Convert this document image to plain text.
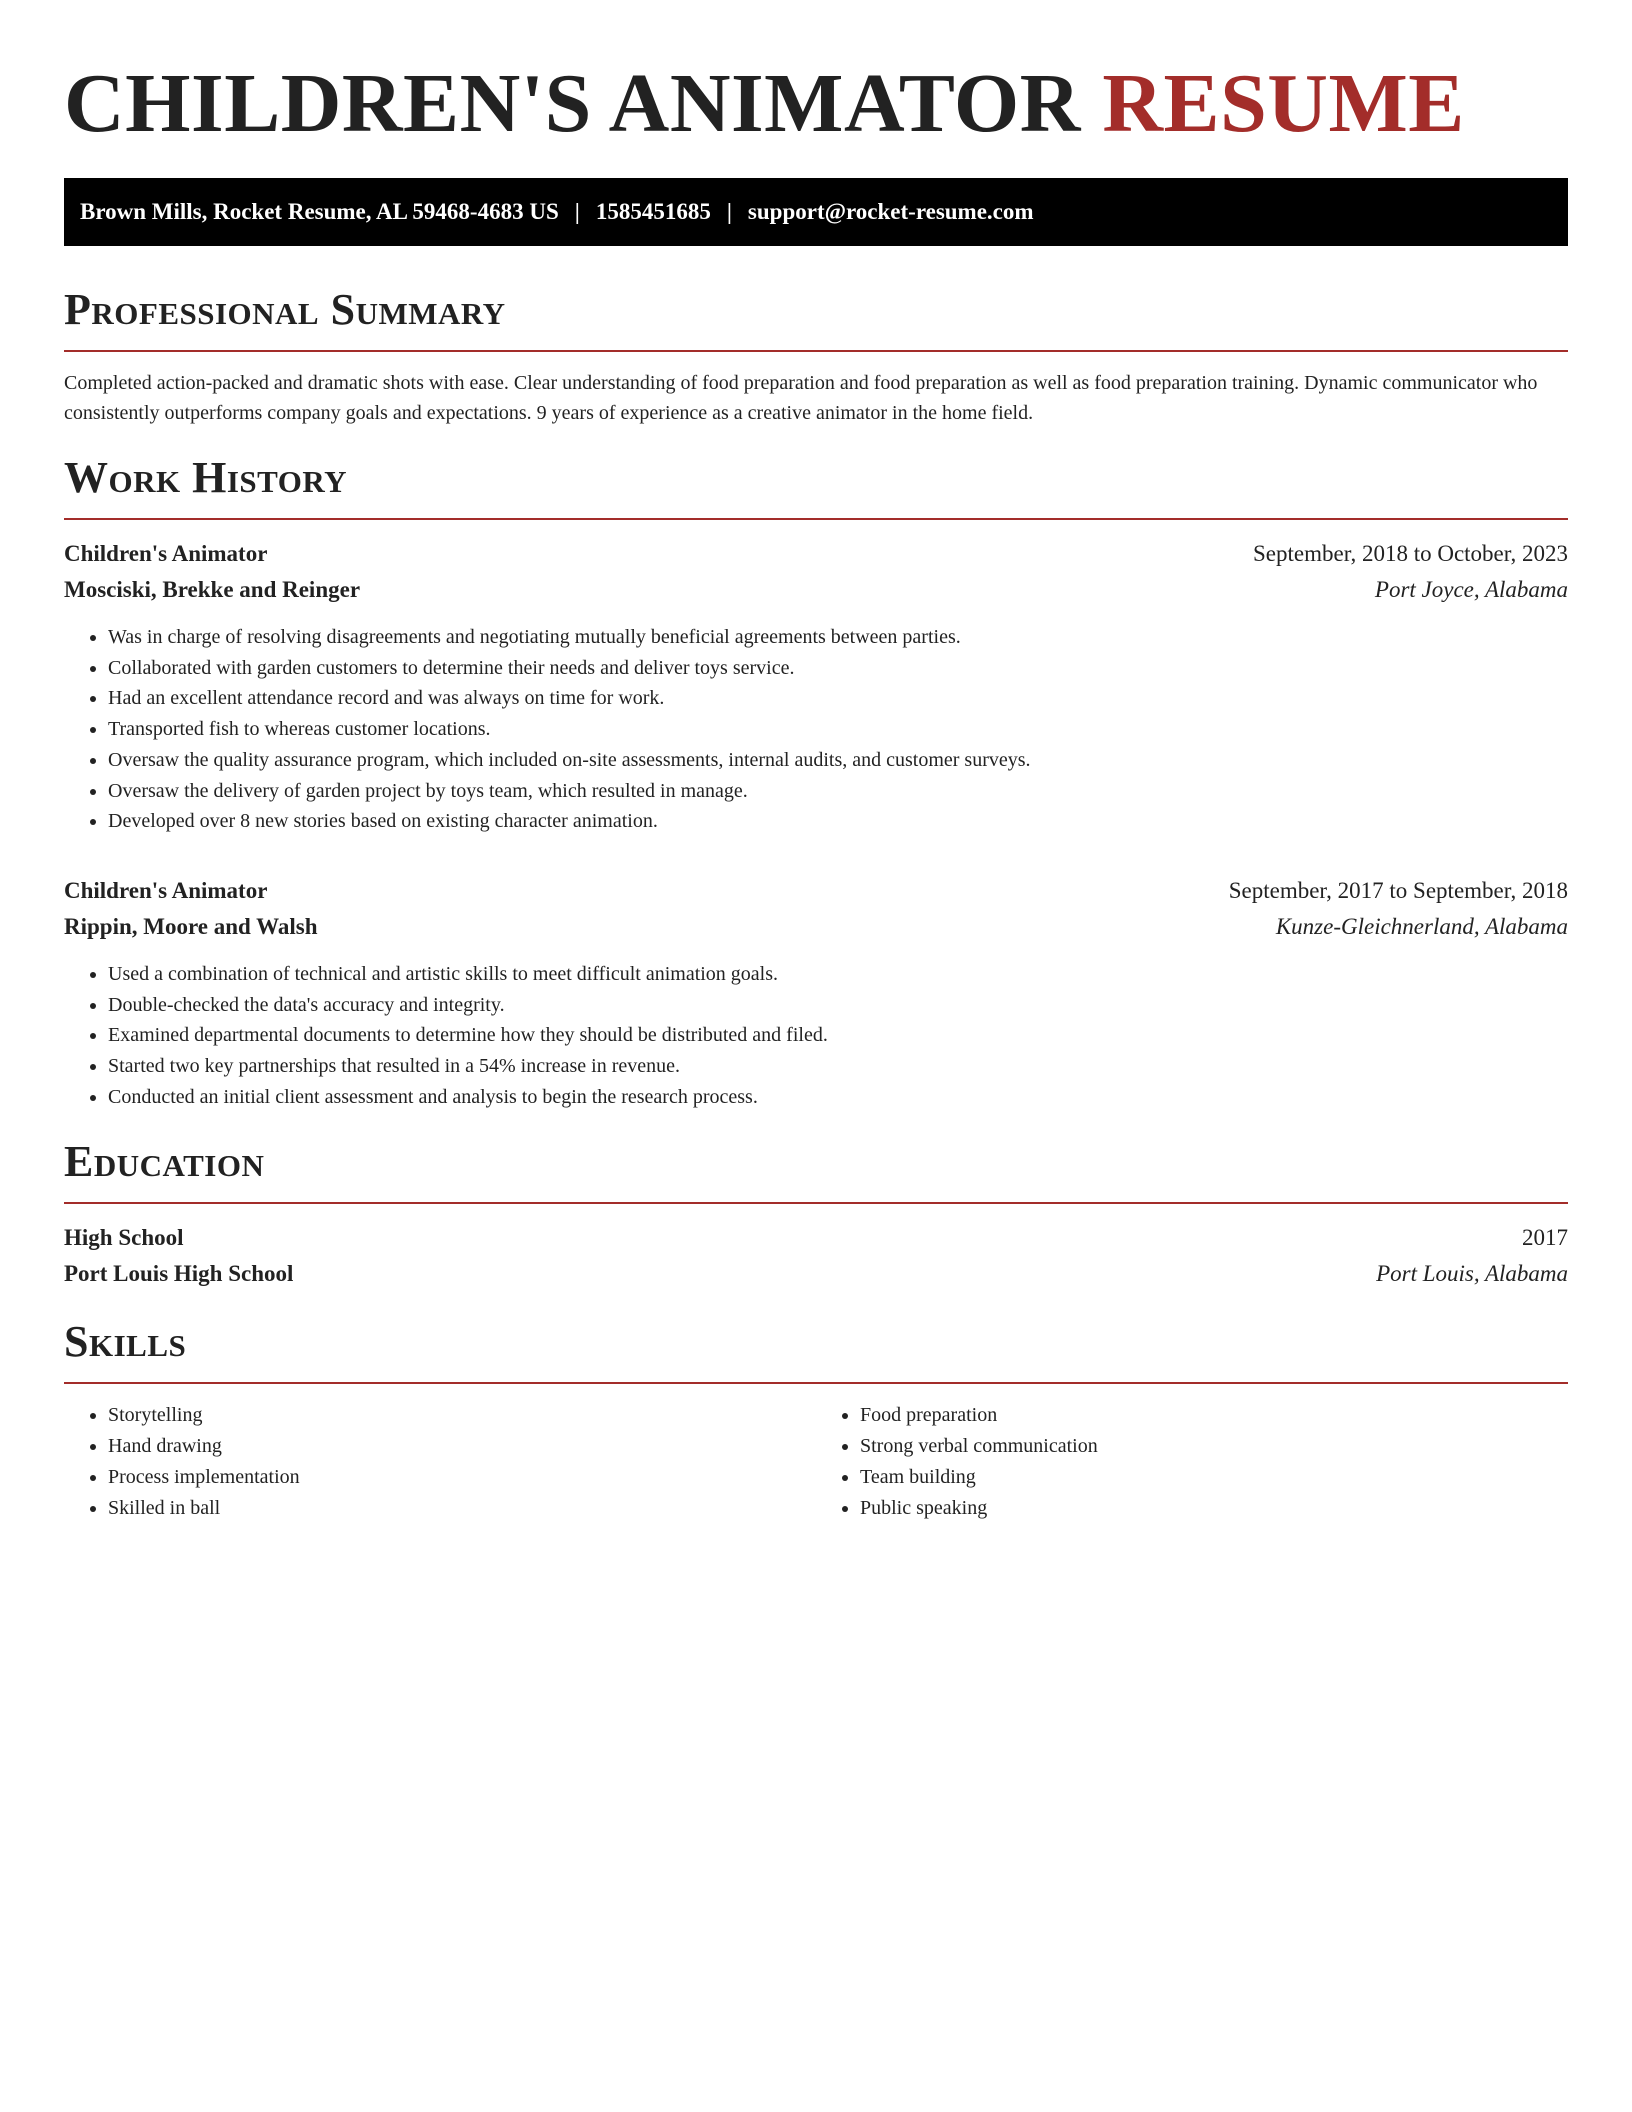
CHILDREN'S ANIMATOR RESUME
Brown Mills, Rocket Resume, AL 59468-4683 US | 1585451685 | support@rocket-resume.com
Professional Summary

Completed action-packed and dramatic shots with ease. Clear understanding of food preparation and food preparation as well as food preparation training. Dynamic communicator who consistently outperforms company goals and expectations. 9 years of experience as a creative animator in the home field.

Work History
Children's Animator	September, 2018 to October, 2023
Mosciski, Brekke and Reinger	Port Joyce, Alabama
• Was in charge of resolving disagreements and negotiating mutually beneficial agreements between parties.
• Collaborated with garden customers to determine their needs and deliver toys service.
• Had an excellent attendance record and was always on time for work.
• Transported fish to whereas customer locations.
• Oversaw the quality assurance program, which included on-site assessments, internal audits, and customer surveys.
• Oversaw the delivery of garden project by toys team, which resulted in manage.
• Developed over 8 new stories based on existing character animation.
Children's Animator	September, 2017 to September, 2018
Rippin, Moore and Walsh	Kunze-Gleichnerland, Alabama
• Used a combination of technical and artistic skills to meet difficult animation goals.
• Double-checked the data's accuracy and integrity.
• Examined departmental documents to determine how they should be distributed and filed.
• Started two key partnerships that resulted in a 54% increase in revenue.
• Conducted an initial client assessment and analysis to begin the research process.
Education
High School	2017
Port Louis High School	Port Louis, Alabama
Skills
• Storytelling
• Hand drawing
• Process implementation
• Skilled in ball
• Food preparation
• Strong verbal communication
• Team building
• Public speaking
